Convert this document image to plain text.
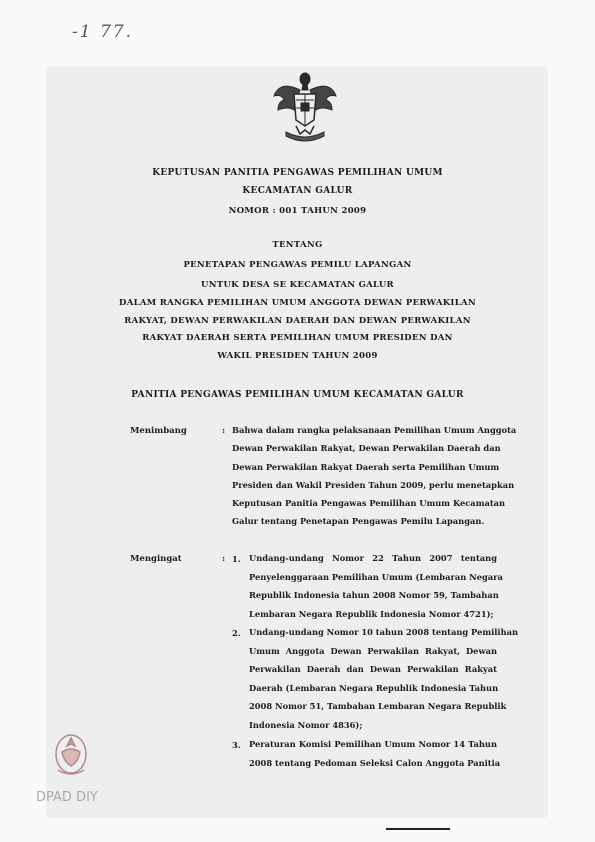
-1 77.
KEPUTUSAN PANITIA PENGAWAS PEMILIHAN UMUM
KECAMATAN GALUR
NOMOR : 001 TAHUN 2009
TENTANG
PENETAPAN PENGAWAS PEMILU LAPANGAN
UNTUK DESA SE KECAMATAN GALUR
DALAM RANGKA PEMILIHAN UMUM ANGGOTA DEWAN PERWAKILAN
RAKYAT, DEWAN PERWAKILAN DAERAH DAN DEWAN PERWAKILAN
RAKYAT DAERAH SERTA PEMILIHAN UMUM PRESIDEN DAN
WAKIL PRESIDEN TAHUN 2009
PANITIA PENGAWAS PEMILIHAN UMUM KECAMATAN GALUR
Menimbang	: Bahwa dalam rangka pelaksanaan Pemilihan Umum Anggota
Dewan Perwakilan Rakyat, Dewan Perwakilan Daerah dan
Dewan Perwakilan Rakyat Daerah serta Pemilihan Umum
Presiden dan Wakil Presiden Tahun 2009, perlu menetapkan
Keputusan Panitia Pengawas Pemilihan Umum Kecamatan
Galur tentang Penetapan Pengawas Pemilu Lapangan.
Mengingat	: 1. Undang-undang Nomor 22 Tahun 2007 tentang
Penyelenggaraan Pemilihan Umum (Lembaran Negara
Republik Indonesia tahun 2008 Nomor 59, Tambahan
Lembaran Negara Republik Indonesia Nomor 4721);
2. Undang-undang Nomor 10 tahun 2008 tentang Pemilihan
Umum Anggota Dewan Perwakilan Rakyat, Dewan
Perwakilan Daerah dan Dewan Perwakilan Rakyat
Daerah (Lembaran Negara Republik Indonesia Tahun
2008 Nomor 51, Tambahan Lembaran Negara Republik
Indonesia Nomor 4836);
3. Peraturan Komisi Pemilihan Umum Nomor 14 Tahun
2008 tentang Pedoman Seleksi Calon Anggota Panitia
DPAD DIY
